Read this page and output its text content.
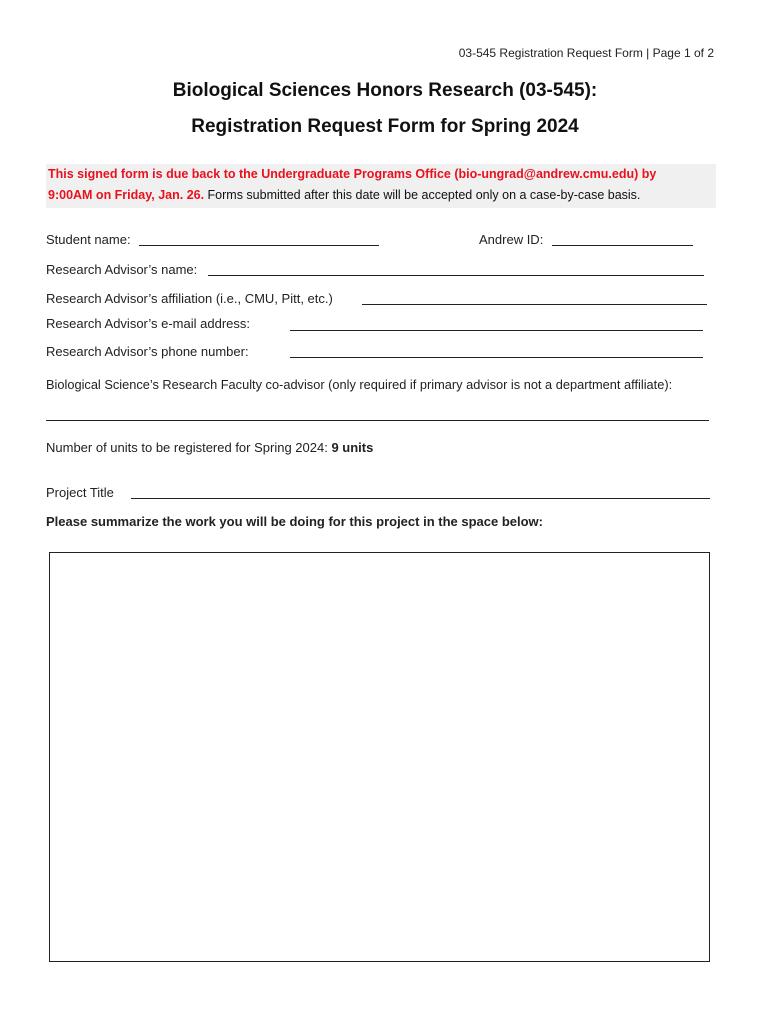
03-545 Registration Request Form | Page 1 of 2
Biological Sciences Honors Research (03-545):
Registration Request Form for Spring 2024
This signed form is due back to the Undergraduate Programs Office (bio-ungrad@andrew.cmu.edu) by
9:00AM on Friday, Jan. 26. Forms submitted after this date will be accepted only on a case-by-case basis.
Student name:	Andrew ID:
Research Advisor’s name:
Research Advisor’s affiliation (i.e., CMU, Pitt, etc.)
Research Advisor’s e-mail address:
Research Advisor’s phone number:
Biological Science’s Research Faculty co-advisor (only required if primary advisor is not a department affiliate):
Number of units to be registered for Spring 2024: 9 units
Project Title
Please summarize the work you will be doing for this project in the space below:
